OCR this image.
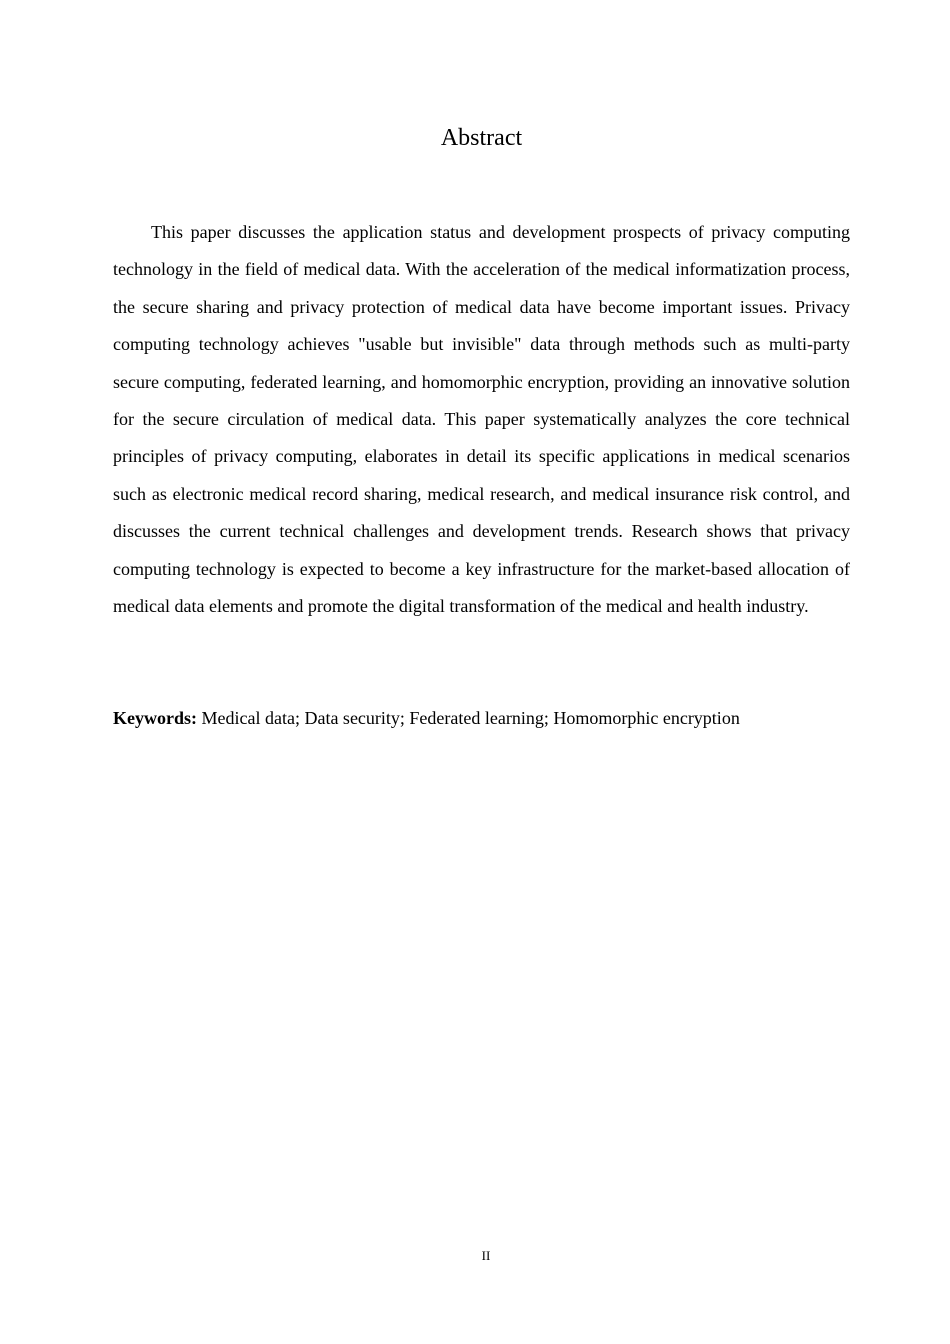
Abstract

This paper discusses the application status and development prospects of privacy computing technology in the field of medical data. With the acceleration of the medical informatization process, the secure sharing and privacy protection of medical data have become important issues. Privacy computing technology achieves "usable but invisible" data through methods such as multi-party secure computing, federated learning, and homomorphic encryption, providing an innovative solution for the secure circulation of medical data. This paper systematically analyzes the core technical principles of privacy computing, elaborates in detail its specific applications in medical scenarios such as electronic medical record sharing, medical research, and medical insurance risk control, and discusses the current technical challenges and development trends. Research shows that privacy computing technology is expected to become a key infrastructure for the market-based allocation of medical data elements and promote the digital transformation of the medical and health industry.

Keywords: Medical data; Data security; Federated learning; Homomorphic encryption

II
